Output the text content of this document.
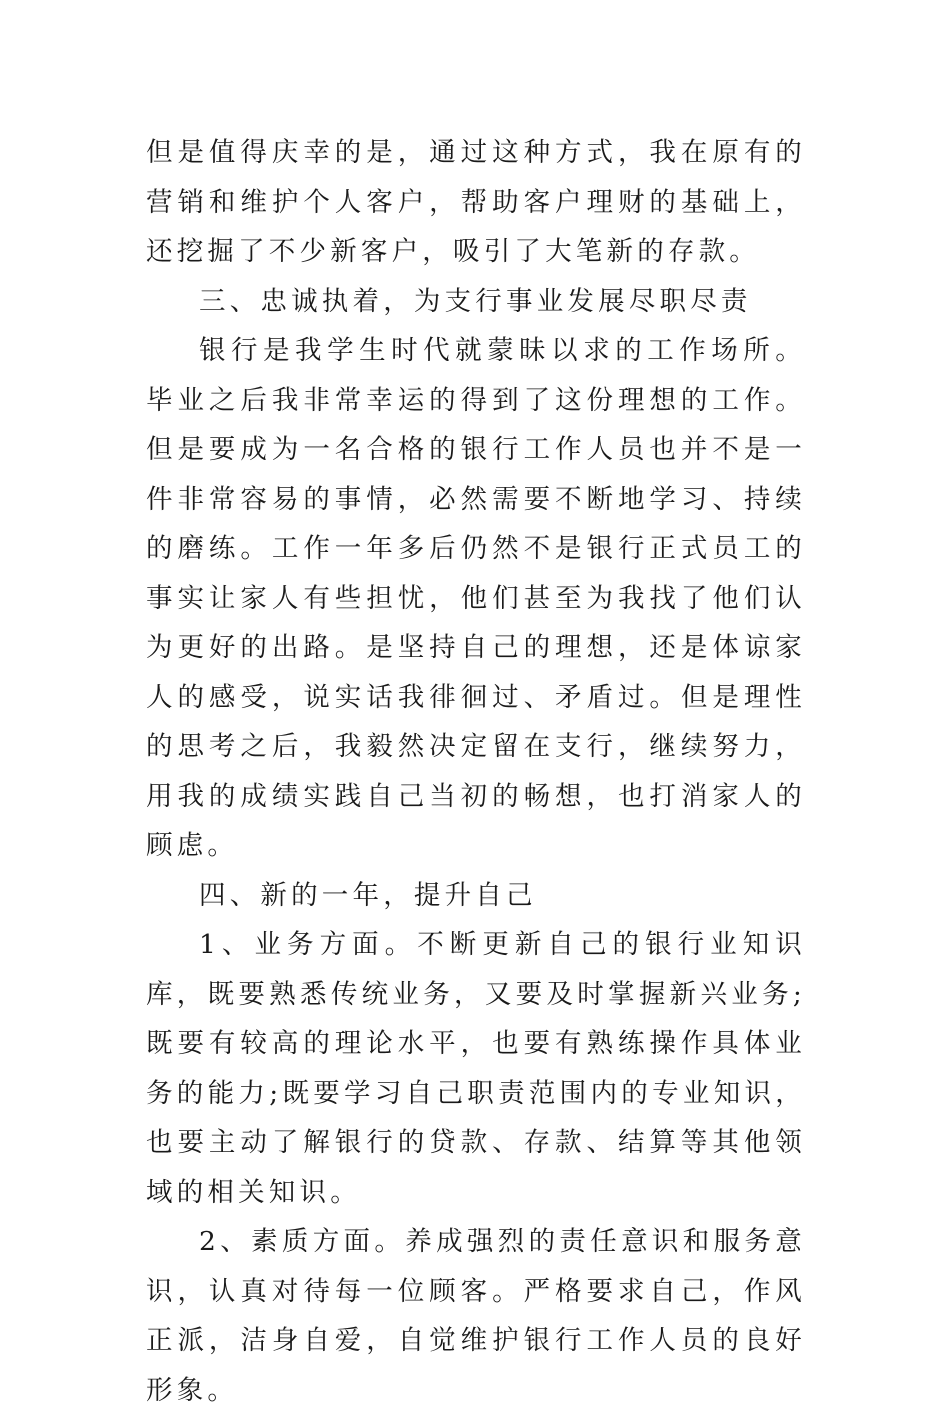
但是值得庆幸的是，通过这种方式，我在原有的营销和维护个人客户，帮助客户理财的基础上，还挖掘了不少新客户，吸引了大笔新的存款。

三、忠诚执着，为支行事业发展尽职尽责

银行是我学生时代就蒙昧以求的工作场所。毕业之后我非常幸运的得到了这份理想的工作。但是要成为一名合格的银行工作人员也并不是一件非常容易的事情，必然需要不断地学习、持续的磨练。工作一年多后仍然不是银行正式员工的事实让家人有些担忧，他们甚至为我找了他们认为更好的出路。是坚持自己的理想，还是体谅家人的感受，说实话我徘徊过、矛盾过。但是理性的思考之后，我毅然决定留在支行，继续努力，用我的成绩实践自己当初的畅想，也打消家人的顾虑。

四、新的一年，提升自己

1、业务方面。不断更新自己的银行业知识库，既要熟悉传统业务，又要及时掌握新兴业务;既要有较高的理论水平，也要有熟练操作具体业务的能力;既要学习自己职责范围内的专业知识，也要主动了解银行的贷款、存款、结算等其他领域的相关知识。

2、素质方面。养成强烈的责任意识和服务意识，认真对待每一位顾客。严格要求自己，作风正派，洁身自爱，自觉维护银行工作人员的良好形象。
